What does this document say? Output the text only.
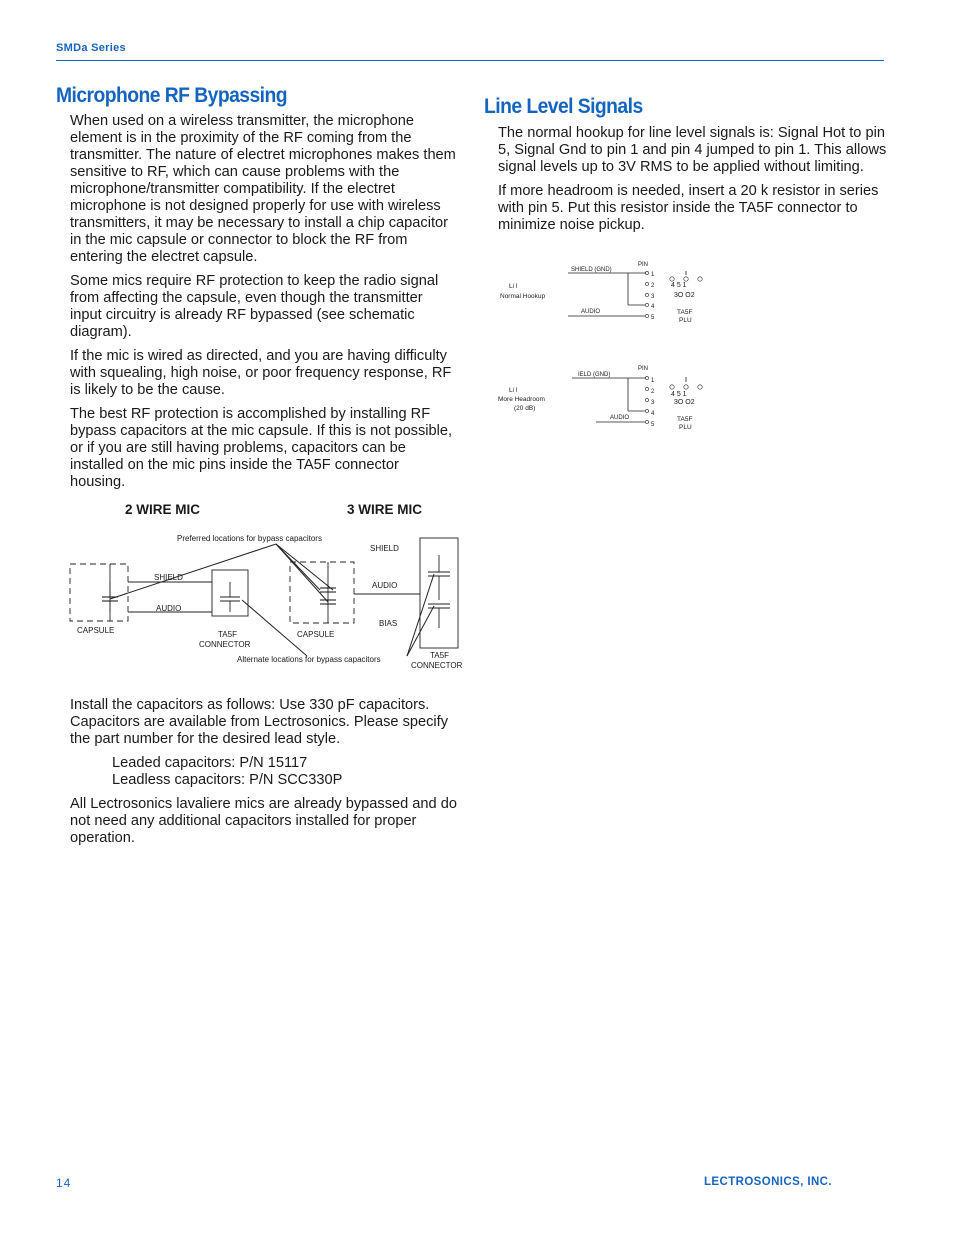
SMDa Series
Microphone RF Bypassing

When used on a wireless transmitter, the microphone element is in the proximity of the RF coming from the transmitter. The nature of electret microphones makes them sensitive to RF, which can cause problems with the microphone/transmitter compatibility. If the electret microphone is not designed properly for use with wireless transmitters, it may be necessary to install a chip capacitor in the mic capsule or connector to block the RF from entering the electret capsule.

Some mics require RF protection to keep the radio signal from affecting the capsule, even though the transmitter input circuitry is already RF bypassed (see schematic diagram).

If the mic is wired as directed, and you are having difficulty with squealing, high noise, or poor frequency response, RF is likely to be the cause.

The best RF protection is accomplished by installing RF bypass capacitors at the mic capsule. If this is not possible, or if you are still having problems, capacitors can be installed on the mic pins inside the TA5F connector housing.

2 WIRE MIC	3 WIRE MIC
Preferred locations for bypass capacitors
SHIELD
AUDIO
CAPSULE	TA5F
CONNECTOR
CAPSULE
SHIELD
AUDIO
BIAS
Alternate locations for bypass capacitors	TA5F
CONNECTOR

Install the capacitors as follows: Use 330 pF capacitors. Capacitors are available from Lectrosonics. Please specify the part number for the desired lead style.

Leaded capacitors: P/N 15117
Leadless capacitors: P/N SCC330P

All Lectrosonics lavaliere mics are already bypassed and do not need any additional capacitors installed for proper operation.

Line Level Signals

The normal hookup for line level signals is: Signal Hot to pin 5, Signal Gnd to pin 1 and pin 4 jumped to pin 1. This allows signal levels up to 3V RMS to be applied without limiting.

If more headroom is needed, insert a 20 k resistor in series with pin 5. Put this resistor inside the TA5F connector to minimize noise pickup.

PIN
SHIELD (GND)
Li l
Normal Hookup
1
2
3
4
5
AUDIO
4 5 1
3O O2
TA5F
PLU
PIN
IELD (GND)
Li l
More Headroom
(20 dB)
1
2
3
4
5
AUDIO
4 5 1
3O O2
TA5F
PLU
14	LECTROSONICS, INC.
